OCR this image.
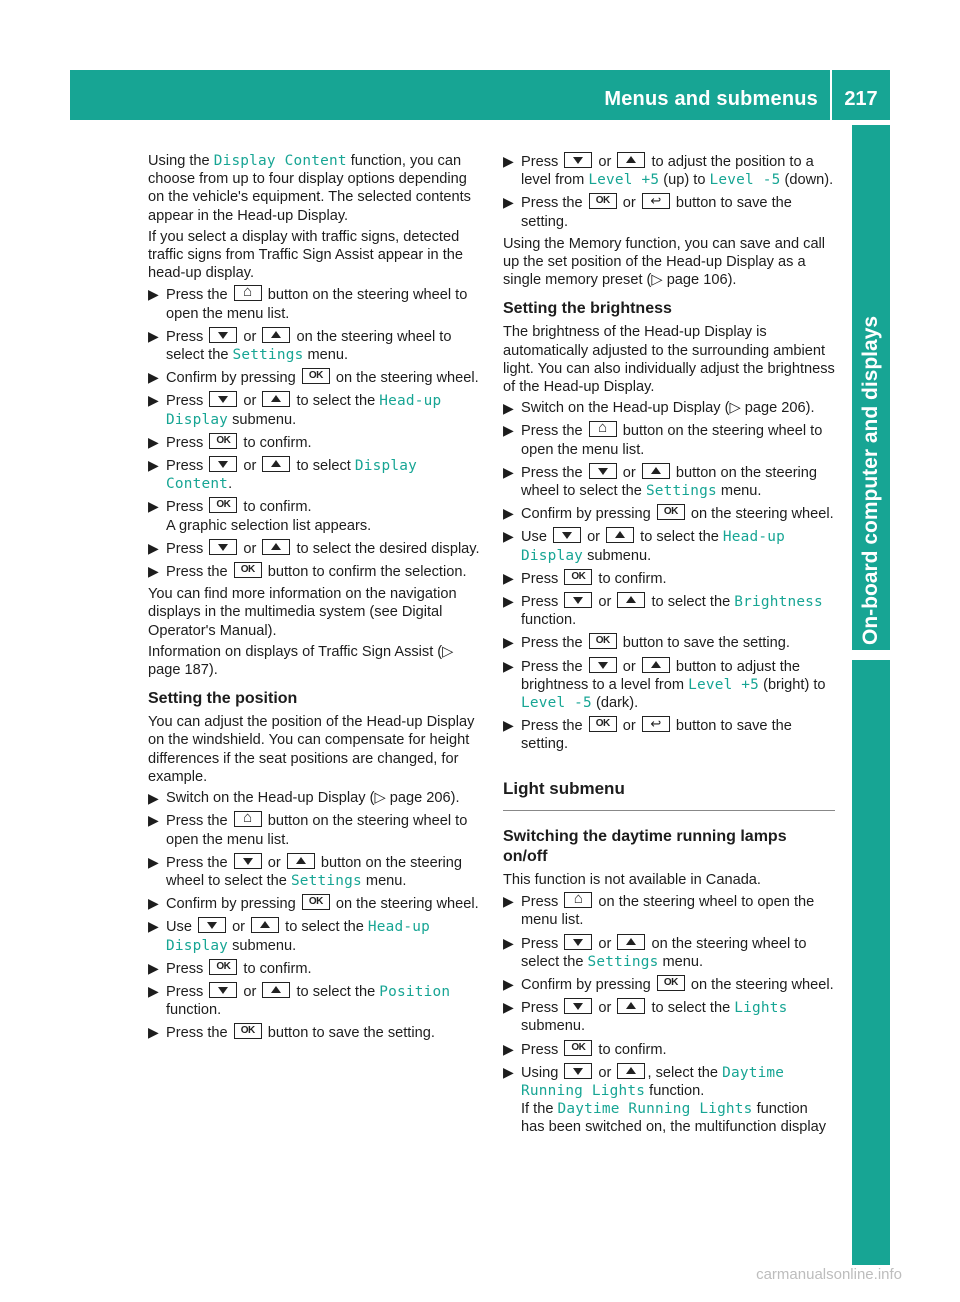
Menus and submenus	217
On-board computer and displays

Using the Display Content function, you can choose from up to four display options depending on the vehicle's equipment. The selected contents appear in the Head-up Display.

If you select a display with traffic signs, detected traffic signs from Traffic Sign Assist appear in the head-up display.

▶ Press the  button on the steering wheel to open the menu list.
▶ Press  or  on the steering wheel to select the Settings menu.
▶ Confirm by pressing  on the steering wheel.
▶ Press  or  to select the Head-up Display submenu.
▶ Press  to confirm.
▶ Press  or  to select Display Content.
▶ Press  to confirm.
A graphic selection list appears.
▶ Press  or  to select the desired display.
▶ Press the  button to confirm the selection.

You can find more information on the navigation displays in the multimedia system (see Digital Operator's Manual).

Information on displays of Traffic Sign Assist (▷ page 187).

Setting the position

You can adjust the position of the Head-up Display on the windshield. You can compensate for height differences if the seat positions are changed, for example.

▶ Switch on the Head-up Display (▷ page 206).
▶ Press the  button on the steering wheel to open the menu list.
▶ Press the  or  button on the steering wheel to select the Settings menu.
▶ Confirm by pressing  on the steering wheel.
▶ Use  or  to select the Head-up Display submenu.
▶ Press  to confirm.
▶ Press  or  to select the Position function.
▶ Press the  button to save the setting.
▶ Press  or  to adjust the position to a level from Level +5 (up) to Level -5 (down).
▶ Press the  or  button to save the setting.

Using the Memory function, you can save and call up the set position of the Head-up Display as a single memory preset (▷ page 106).

Setting the brightness

The brightness of the Head-up Display is automatically adjusted to the surrounding ambient light. You can also individually adjust the brightness of the Head-up Display.

▶ Switch on the Head-up Display (▷ page 206).
▶ Press the  button on the steering wheel to open the menu list.
▶ Press the  or  button on the steering wheel to select the Settings menu.
▶ Confirm by pressing  on the steering wheel.
▶ Use  or  to select the Head-up Display submenu.
▶ Press  to confirm.
▶ Press  or  to select the Brightness function.
▶ Press the  button to save the setting.
▶ Press the  or  button to adjust the brightness to a level from Level +5 (bright) to Level -5 (dark).
▶ Press the  or  button to save the setting.
Light submenu
Switching the daytime running lamps on/off

This function is not available in Canada.

▶ Press  on the steering wheel to open the menu list.
▶ Press  or  on the steering wheel to select the Settings menu.
▶ Confirm by pressing  on the steering wheel.
▶ Press  or  to select the Lights submenu.
▶ Press  to confirm.
▶ Using  or , select the Daytime Running Lights function.
If the Daytime Running Lights function has been switched on, the multifunction display
carmanualsonline.info
